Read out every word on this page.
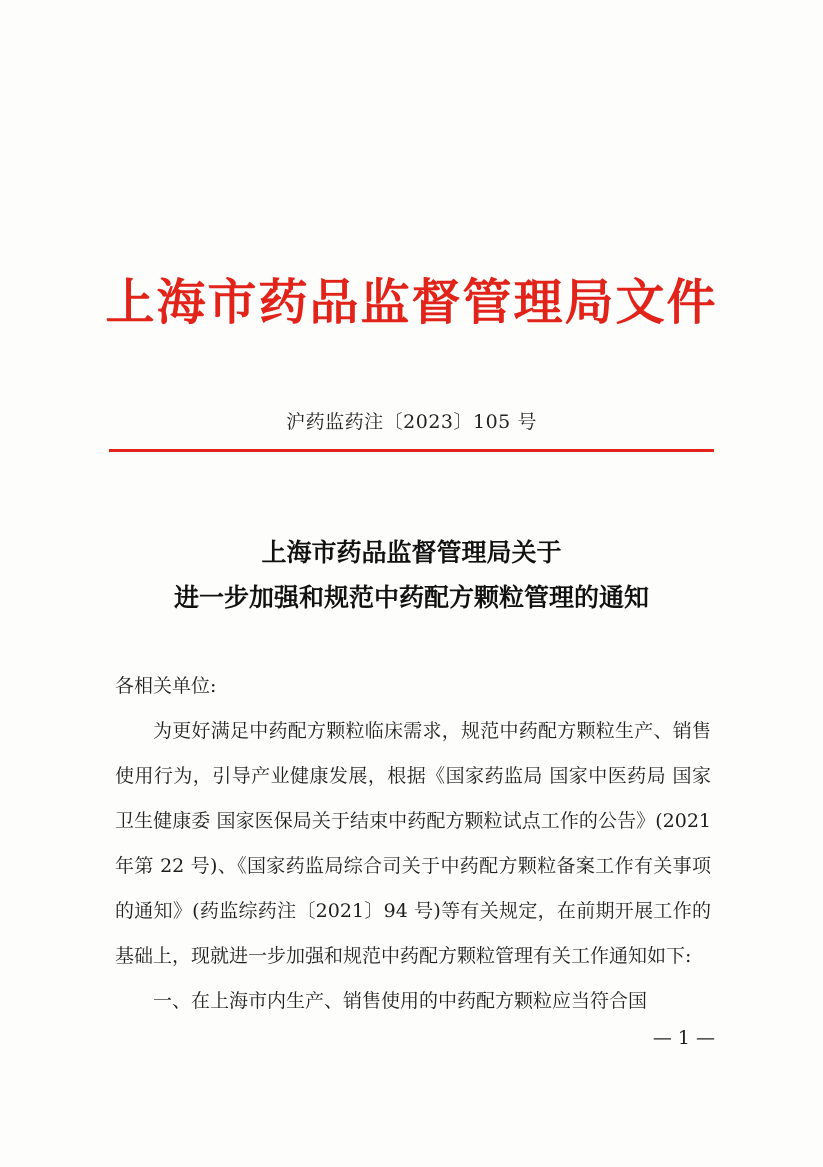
上海市药品监督管理局文件
沪药监药注〔2023〕105 号
上海市药品监督管理局关于
进一步加强和规范中药配方颗粒管理的通知

各相关单位:

为更好满足中药配方颗粒临床需求，规范中药配方颗粒生产、销售使用行为，引导产业健康发展，根据《国家药监局 国家中医药局 国家卫生健康委 国家医保局关于结束中药配方颗粒试点工作的公告》(2021 年第 22 号)、《国家药监局综合司关于中药配方颗粒备案工作有关事项的通知》(药监综药注〔2021〕94 号)等有关规定，在前期开展工作的基础上，现就进一步加强和规范中药配方颗粒管理有关工作通知如下:

一、在上海市内生产、销售使用的中药配方颗粒应当符合国

— 1 —
